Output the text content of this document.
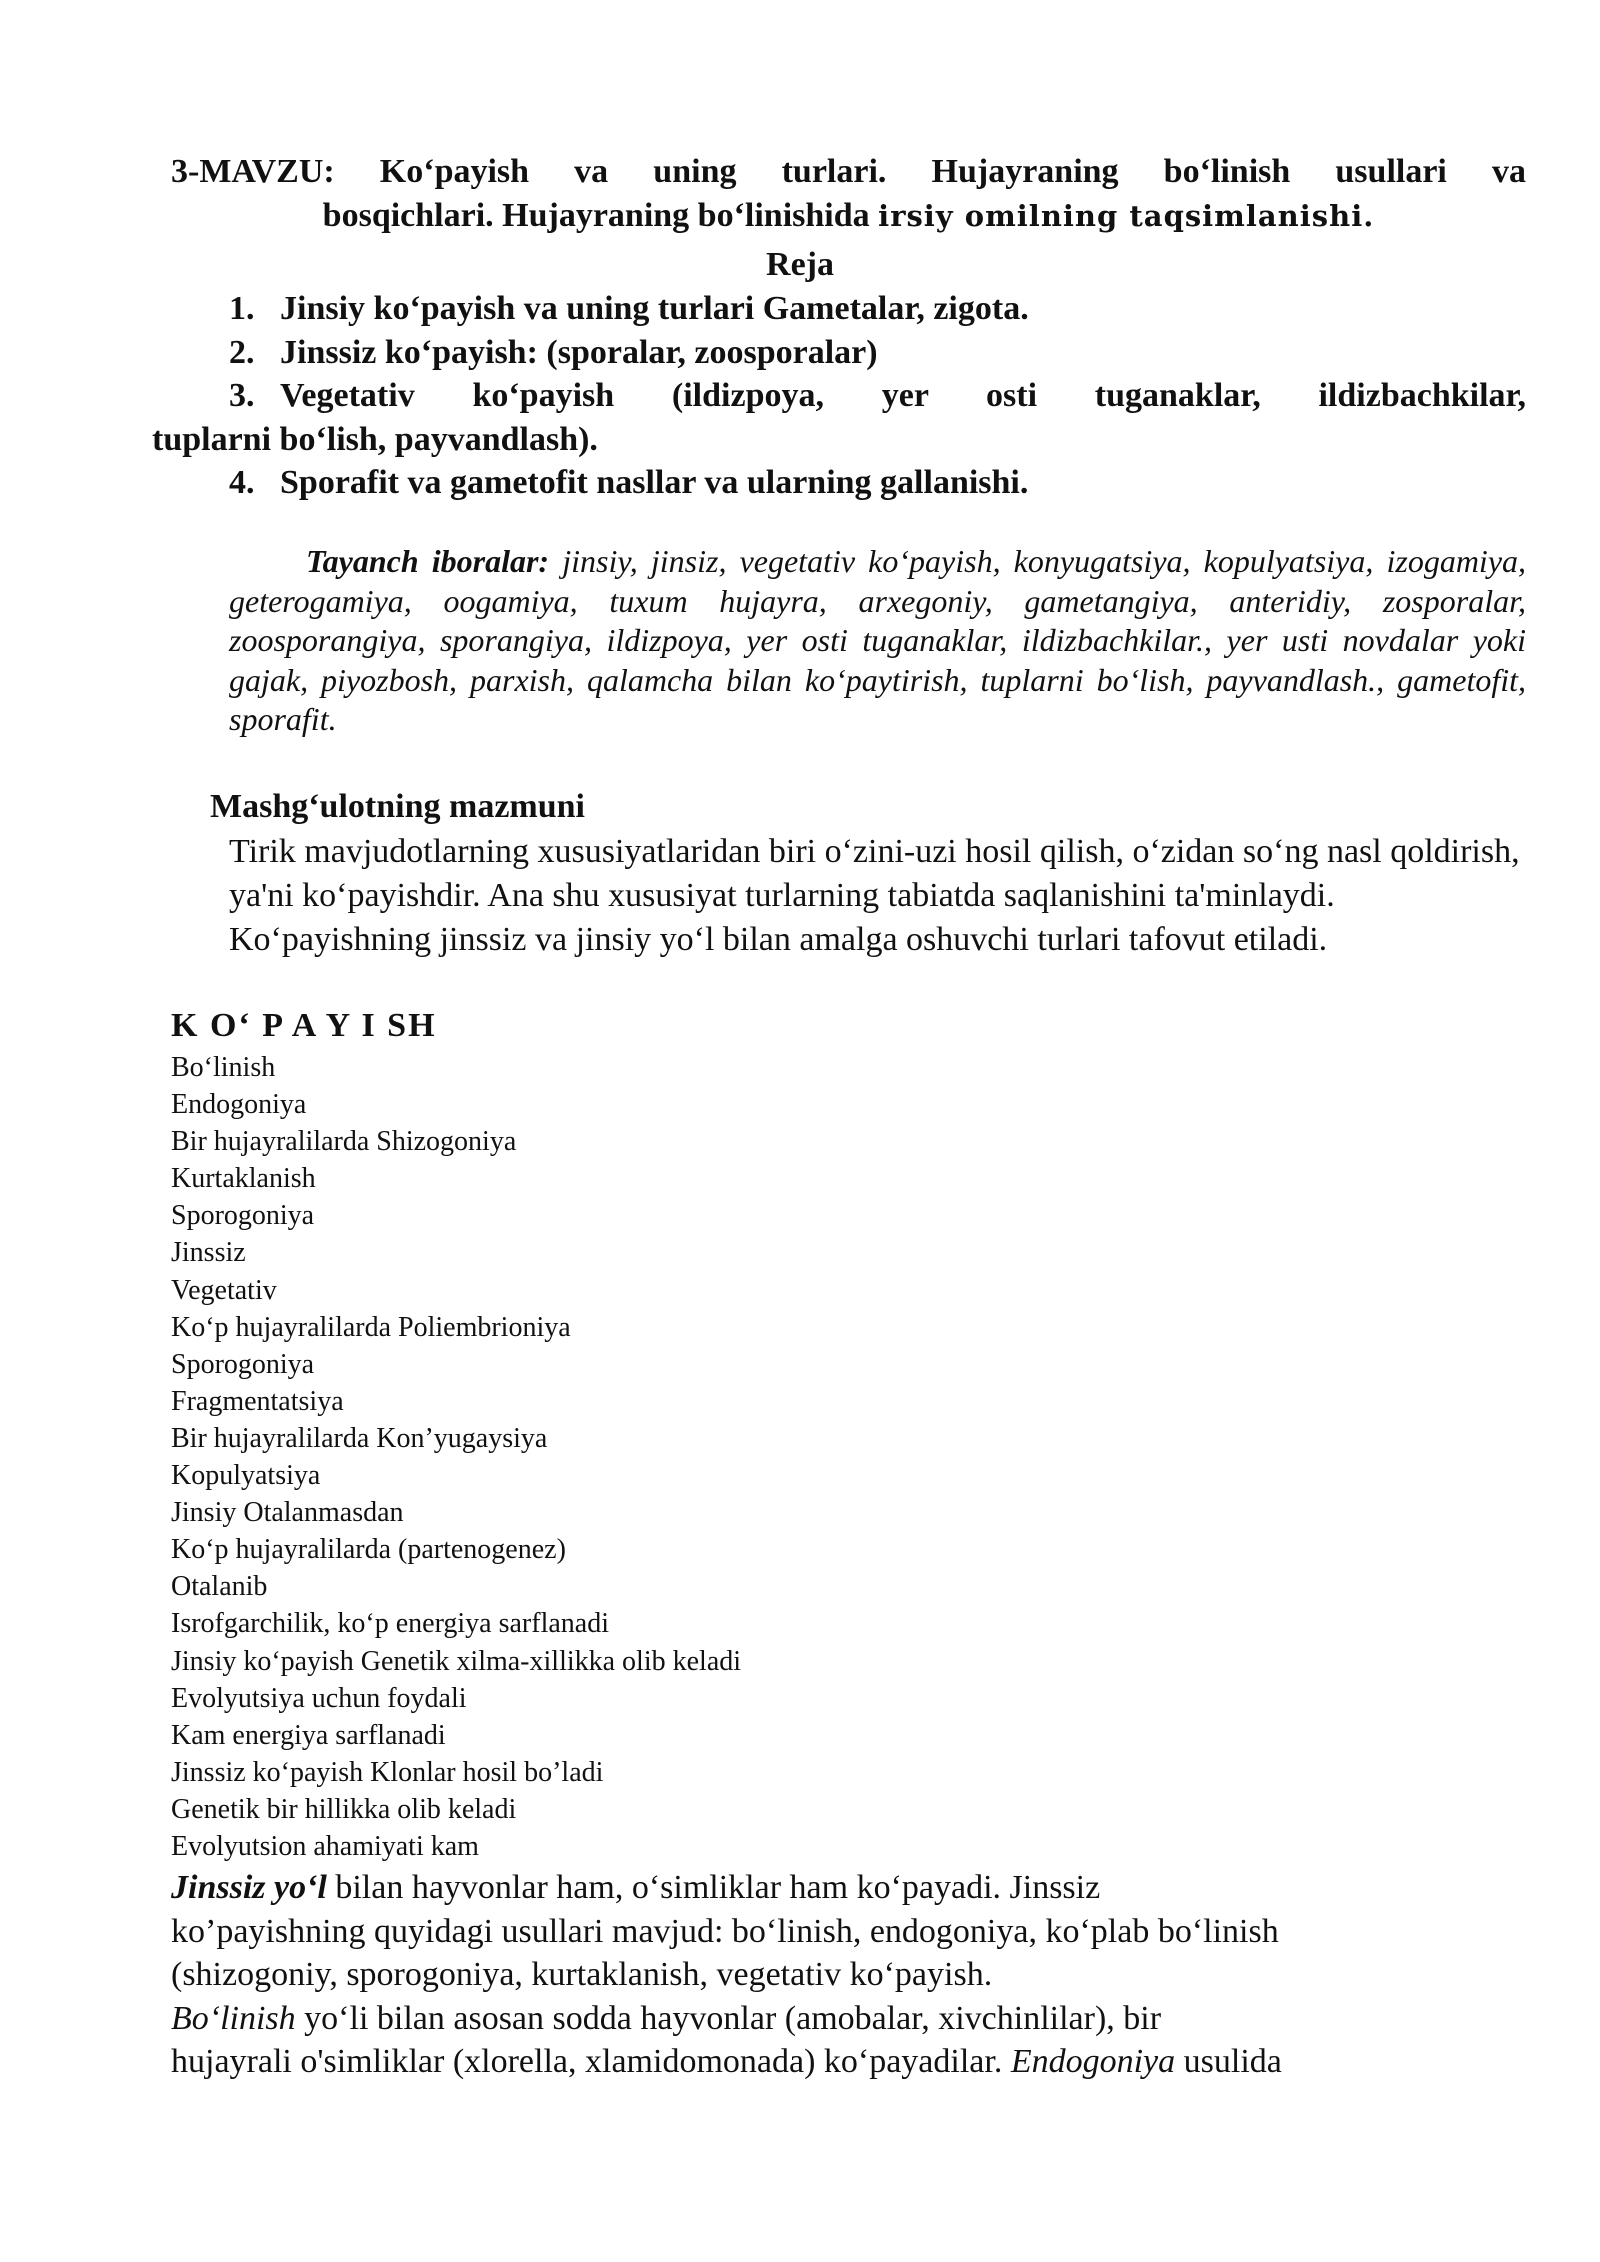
3-MAVZU: Ko‘payish va uning turlari. Hujayraning bo‘linish usullari va
bosqichlari. Hujayraning bo‘linishida irsiy omilning taqsimlanishi.
Reja
1. Jinsiy ko‘payish va uning turlari Gametalar, zigota.
2. Jinssiz ko‘payish: (sporalar, zoosporalar)
3. Vegetativ ko‘payish (ildizpoya, yer osti tuganaklar, ildizbachkilar,
tuplarni bo‘lish, payvandlash).
4. Sporafit va gametofit nasllar va ularning gallanishi.
Tayanch iboralar: jinsiy, jinsiz, vegetativ ko‘payish, konyugatsiya, kopulyatsiya, izogamiya, geterogamiya, oogamiya, tuxum hujayra, arxegoniy, gametangiya, anteridiy, zosporalar, zoosporangiya, sporangiya, ildizpoya, yer osti tuganaklar, ildizbachkilar., yer usti novdalar yoki gajak, piyozbosh, parxish, qalamcha bilan ko‘paytirish, tuplarni bo‘lish, payvandlash., gametofit, sporafit.
Mashg‘ulotning mazmuni
Tirik mavjudotlarning xususiyatlaridan biri o‘zini-uzi hosil qilish, o‘zidan so‘ng nasl qoldirish, ya'ni ko‘payishdir. Ana shu xususiyat turlarning tabiatda saqlanishini ta'minlaydi. Ko‘payishning jinssiz va jinsiy yo‘l bilan amalga oshuvchi turlari tafovut etiladi.
K O‘ P A Y I SH
Bo‘linish
Endogoniya
Bir hujayralilarda Shizogoniya
Kurtaklanish
Sporogoniya
Jinssiz
Vegetativ
Ko‘p hujayralilarda Poliembrioniya
Sporogoniya
Fragmentatsiya
Bir hujayralilarda Kon’yugaysiya
Kopulyatsiya
Jinsiy Otalanmasdan
Ko‘p hujayralilarda (partenogenez)
Otalanib
Isrofgarchilik, ko‘p energiya sarflanadi
Jinsiy ko‘payish Genetik xilma-xillikka olib keladi
Evolyutsiya uchun foydali
Kam energiya sarflanadi
Jinssiz ko‘payish Klonlar hosil bo’ladi
Genetik bir hillikka olib keladi
Evolyutsion ahamiyati kam
Jinssiz yo‘l bilan hayvonlar ham, o‘simliklar ham ko‘payadi. Jinssiz
ko’payishning quyidagi usullari mavjud: bo‘linish, endogoniya, ko‘plab bo‘linish
(shizogoniy, sporogoniya, kurtaklanish, vegetativ ko‘payish.
Bo‘linish yo‘li bilan asosan sodda hayvonlar (amobalar, xivchinlilar), bir
hujayrali o'simliklar (xlorella, xlamidomonada) ko‘payadilar. Endogoniya usulida
